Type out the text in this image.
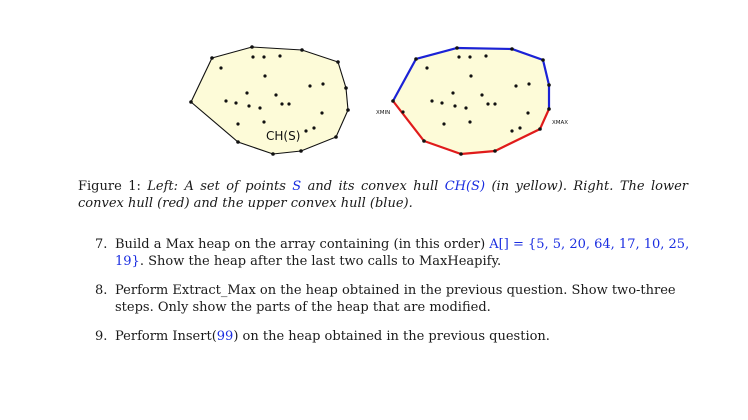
CH(S)
XMIN
XMAX
Figure 1: Left: A set of points S and its convex hull CH(S) (in yellow). Right. The lower convex hull (red) and the upper convex hull (blue).
7. Build a Max heap on the array containing (in this order) A[] = {5, 5, 20, 64, 17, 10, 25, 19}. Show the heap after the last two calls to MaxHeapify.
8. Perform Extract_Max on the heap obtained in the previous question. Show two-three steps. Only show the parts of the heap that are modified.
9. Perform Insert(99) on the heap obtained in the previous question.
